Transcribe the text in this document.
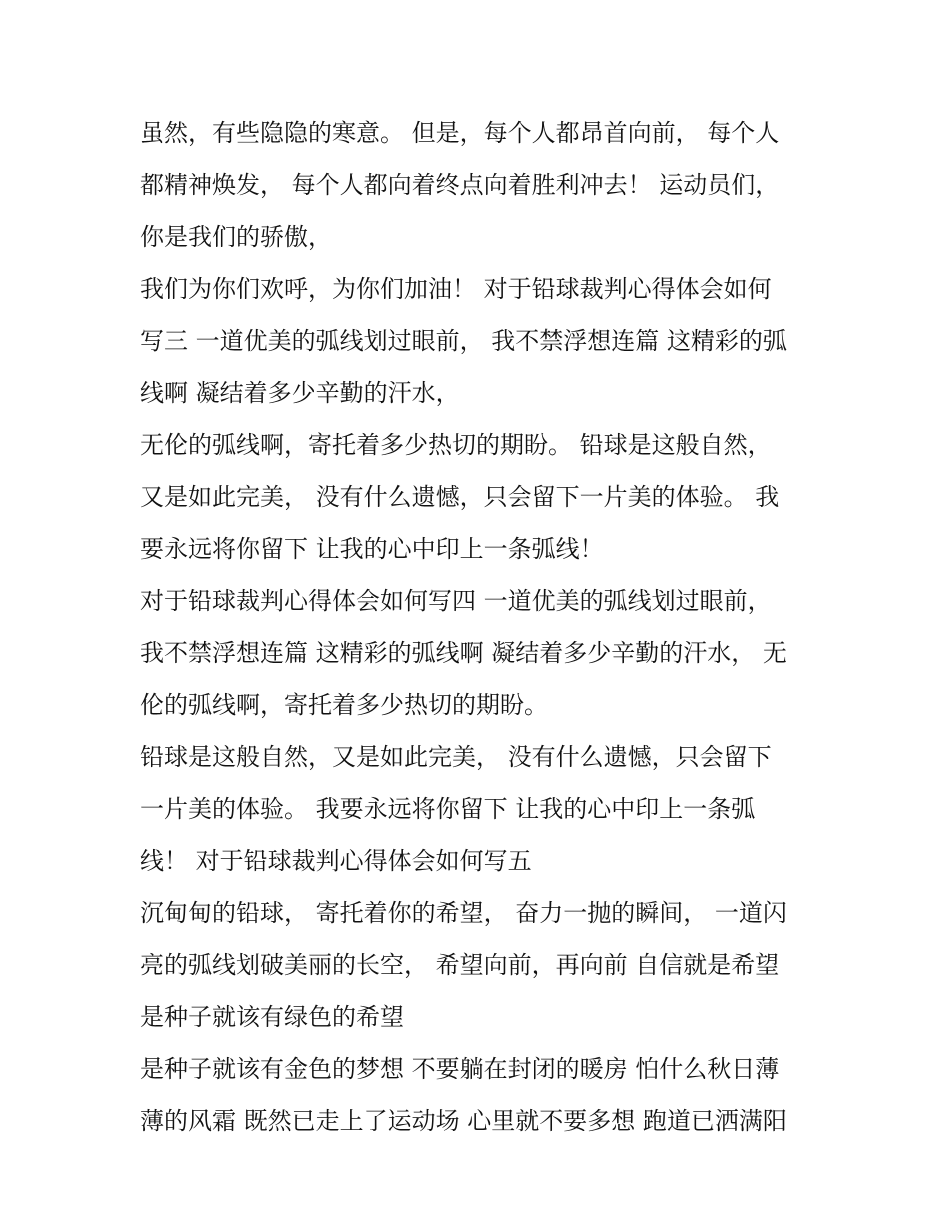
虽然，有些隐隐的寒意。 但是，每个人都昂首向前， 每个人
都精神焕发， 每个人都向着终点向着胜利冲去！ 运动员们，
你是我们的骄傲，
我们为你们欢呼，为你们加油！ 对于铅球裁判心得体会如何
写三 一道优美的弧线划过眼前， 我不禁浮想连篇 这精彩的弧
线啊 凝结着多少辛勤的汗水，
无伦的弧线啊，寄托着多少热切的期盼。 铅球是这般自然，
又是如此完美， 没有什么遗憾，只会留下一片美的体验。 我
要永远将你留下 让我的心中印上一条弧线！
对于铅球裁判心得体会如何写四 一道优美的弧线划过眼前，
我不禁浮想连篇 这精彩的弧线啊 凝结着多少辛勤的汗水， 无
伦的弧线啊，寄托着多少热切的期盼。
铅球是这般自然，又是如此完美， 没有什么遗憾，只会留下
一片美的体验。 我要永远将你留下 让我的心中印上一条弧
线！ 对于铅球裁判心得体会如何写五
沉甸甸的铅球， 寄托着你的希望， 奋力一抛的瞬间， 一道闪
亮的弧线划破美丽的长空， 希望向前，再向前 自信就是希望
是种子就该有绿色的希望
是种子就该有金色的梦想 不要躺在封闭的暖房 怕什么秋日薄
薄的风霜 既然已走上了运动场 心里就不要多想 跑道已洒满阳
